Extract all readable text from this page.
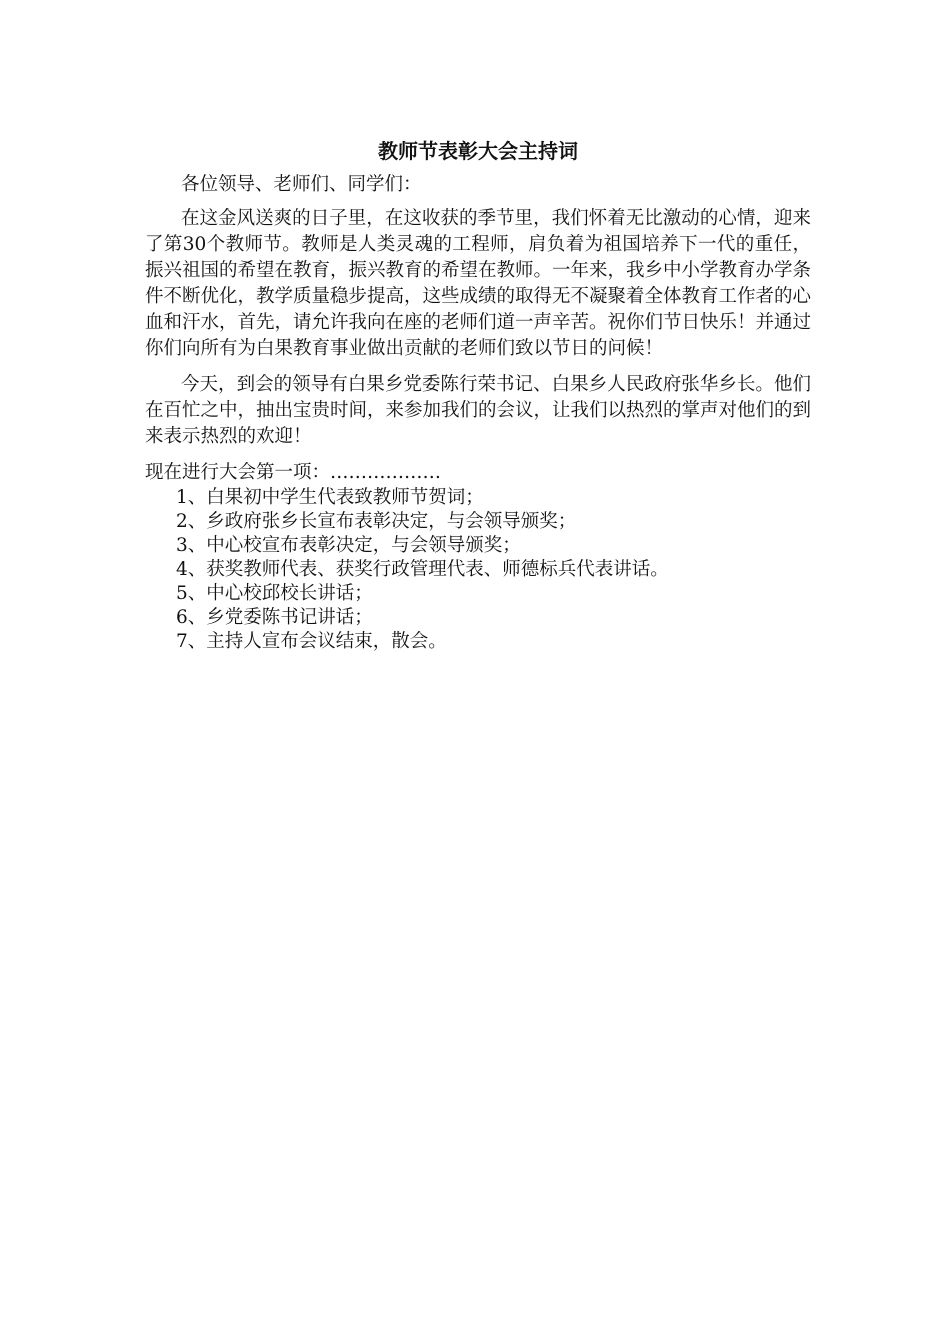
教师节表彰大会主持词

各位领导、老师们、同学们：

在这金风送爽的日子里，在这收获的季节里，我们怀着无比激动的心情，迎来了第30个教师节。教师是人类灵魂的工程师，肩负着为祖国培养下一代的重任，振兴祖国的希望在教育，振兴教育的希望在教师。一年来，我乡中小学教育办学条件不断优化，教学质量稳步提高，这些成绩的取得无不凝聚着全体教育工作者的心血和汗水，首先，请允许我向在座的老师们道一声辛苦。祝你们节日快乐！并通过你们向所有为白果教育事业做出贡献的老师们致以节日的问候！

今天，到会的领导有白果乡党委陈行荣书记、白果乡人民政府张华乡长。他们在百忙之中，抽出宝贵时间，来参加我们的会议，让我们以热烈的掌声对他们的到来表示热烈的欢迎！

现在进行大会第一项：………………

1、白果初中学生代表致教师节贺词；
2、乡政府张乡长宣布表彰决定，与会领导颁奖；
3、中心校宣布表彰决定，与会领导颁奖；
4、获奖教师代表、获奖行政管理代表、师德标兵代表讲话。
5、中心校邱校长讲话；
6、乡党委陈书记讲话；
7、主持人宣布会议结束，散会。
